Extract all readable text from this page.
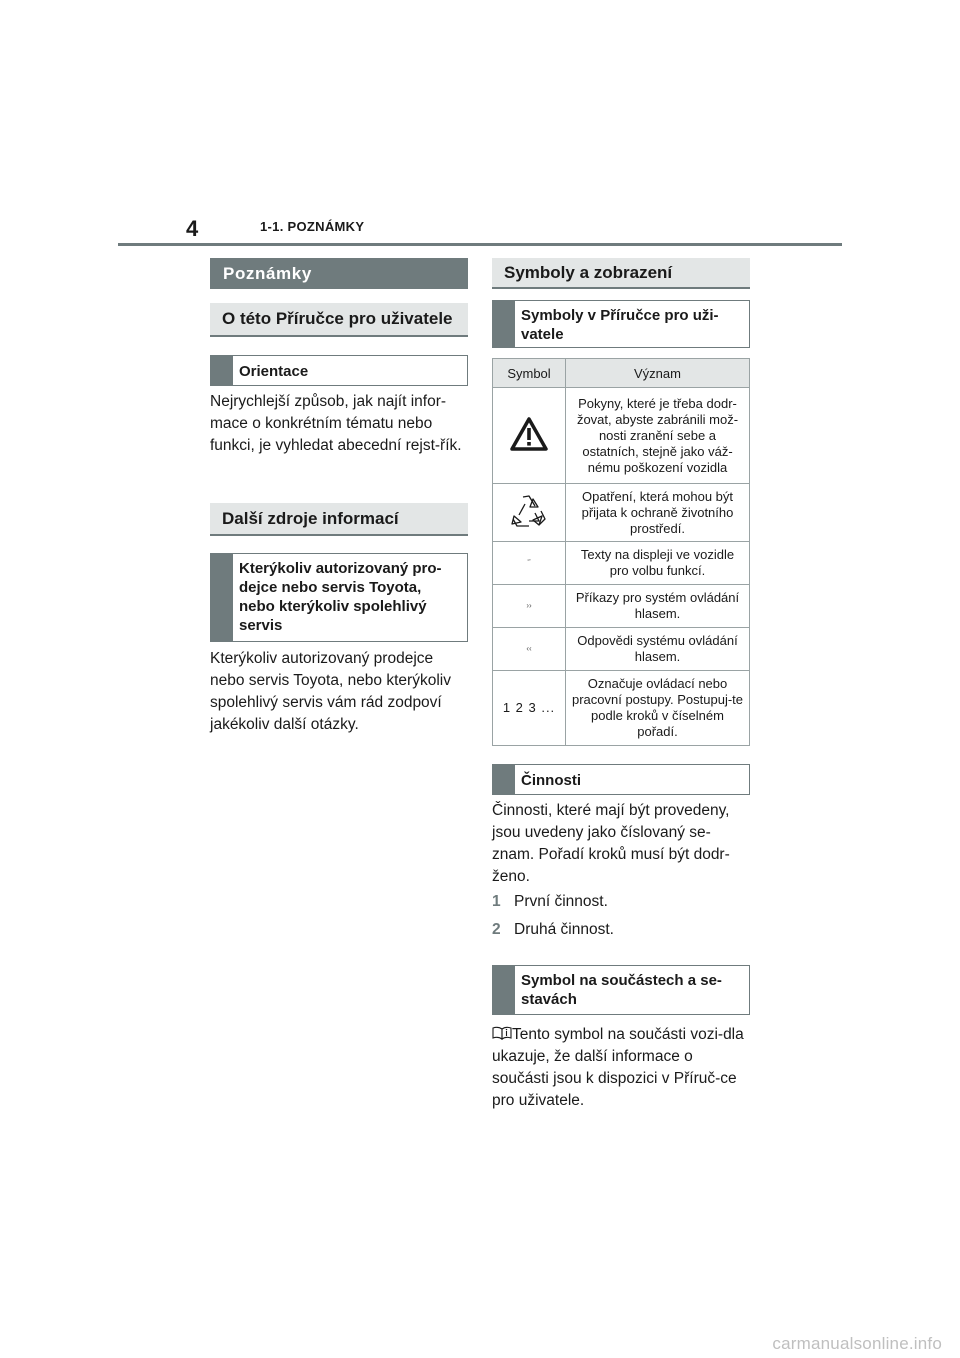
4	1-1. POZNÁMKY
Poznámky
O této Příručce pro uživatele
Orientace
Nejrychlejší způsob, jak najít infor-mace o konkrétním tématu nebo funkci, je vyhledat abecední rejst-řík.
Další zdroje informací
Kterýkoliv autorizovaný pro-dejce nebo servis Toyota, nebo kterýkoliv spolehlivý servis
Kterýkoliv autorizovaný prodejce nebo servis Toyota, nebo kterýkoliv spolehlivý servis vám rád zodpoví jakékoliv další otázky.
Symboly a zobrazení
Symboly v Příručce pro uži-vatele
Symbol	Význam
	Pokyny, které je třeba dodr-žovat, abyste zabránili mož-nosti zranění sebe a ostatních, stejně jako váž-nému poškození vozidla
	Opatření, která mohou být přijata k ochraně životního prostředí.
‘’	Texty na displeji ve vozidle pro volbu funkcí.
››	Příkazy pro systém ovládání hlasem.
‹‹	Odpovědi systému ovládání hlasem.
1 2 3 ...	Označuje ovládací nebo pracovní postupy. Postupuj-te podle kroků v číselném pořadí.
Činnosti
Činnosti, které mají být provedeny, jsou uvedeny jako číslovaný se-znam. Pořadí kroků musí být dodr-ženo.
1 První činnost.
2 Druhá činnost.
Symbol na součástech a se-stavách
Tento symbol na součásti vozi-dla ukazuje, že další informace o součásti jsou k dispozici v Příruč-ce pro uživatele.
carmanualsonline.info
